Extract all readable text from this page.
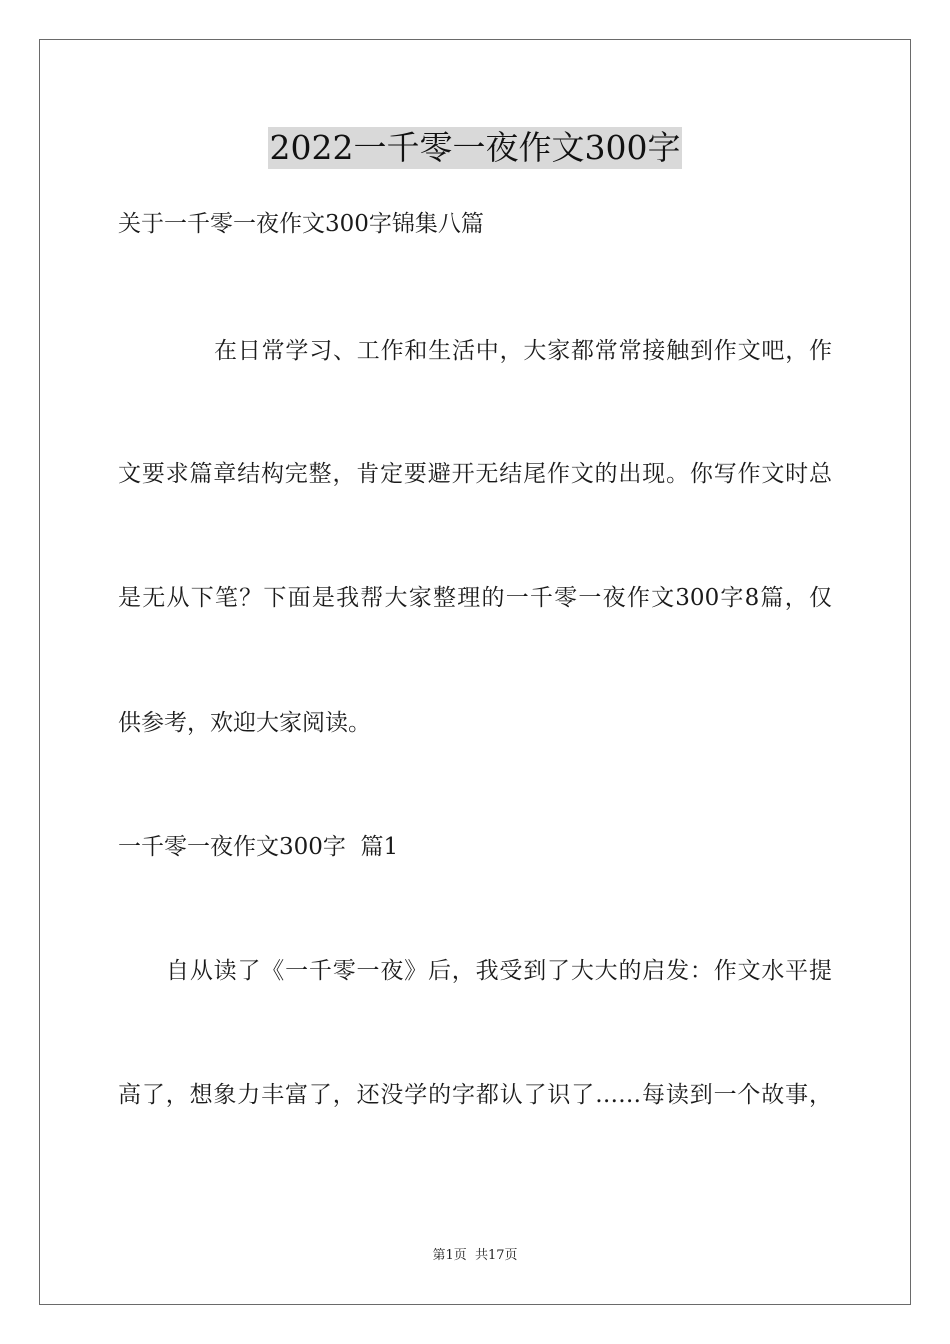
2022一千零一夜作文300字
关于一千零一夜作文300字锦集八篇
在日常学习、工作和生活中，大家都常常接触到作文吧，作
文要求篇章结构完整，肯定要避开无结尾作文的出现。你写作文时总
是无从下笔？下面是我帮大家整理的一千零一夜作文300字8篇，仅
供参考，欢迎大家阅读。
一千零一夜作文300字  篇1
自从读了《一千零一夜》后，我受到了大大的启发：作文水平提
高了，想象力丰富了，还没学的字都认了识了……每读到一个故事，
第1页 共17页
